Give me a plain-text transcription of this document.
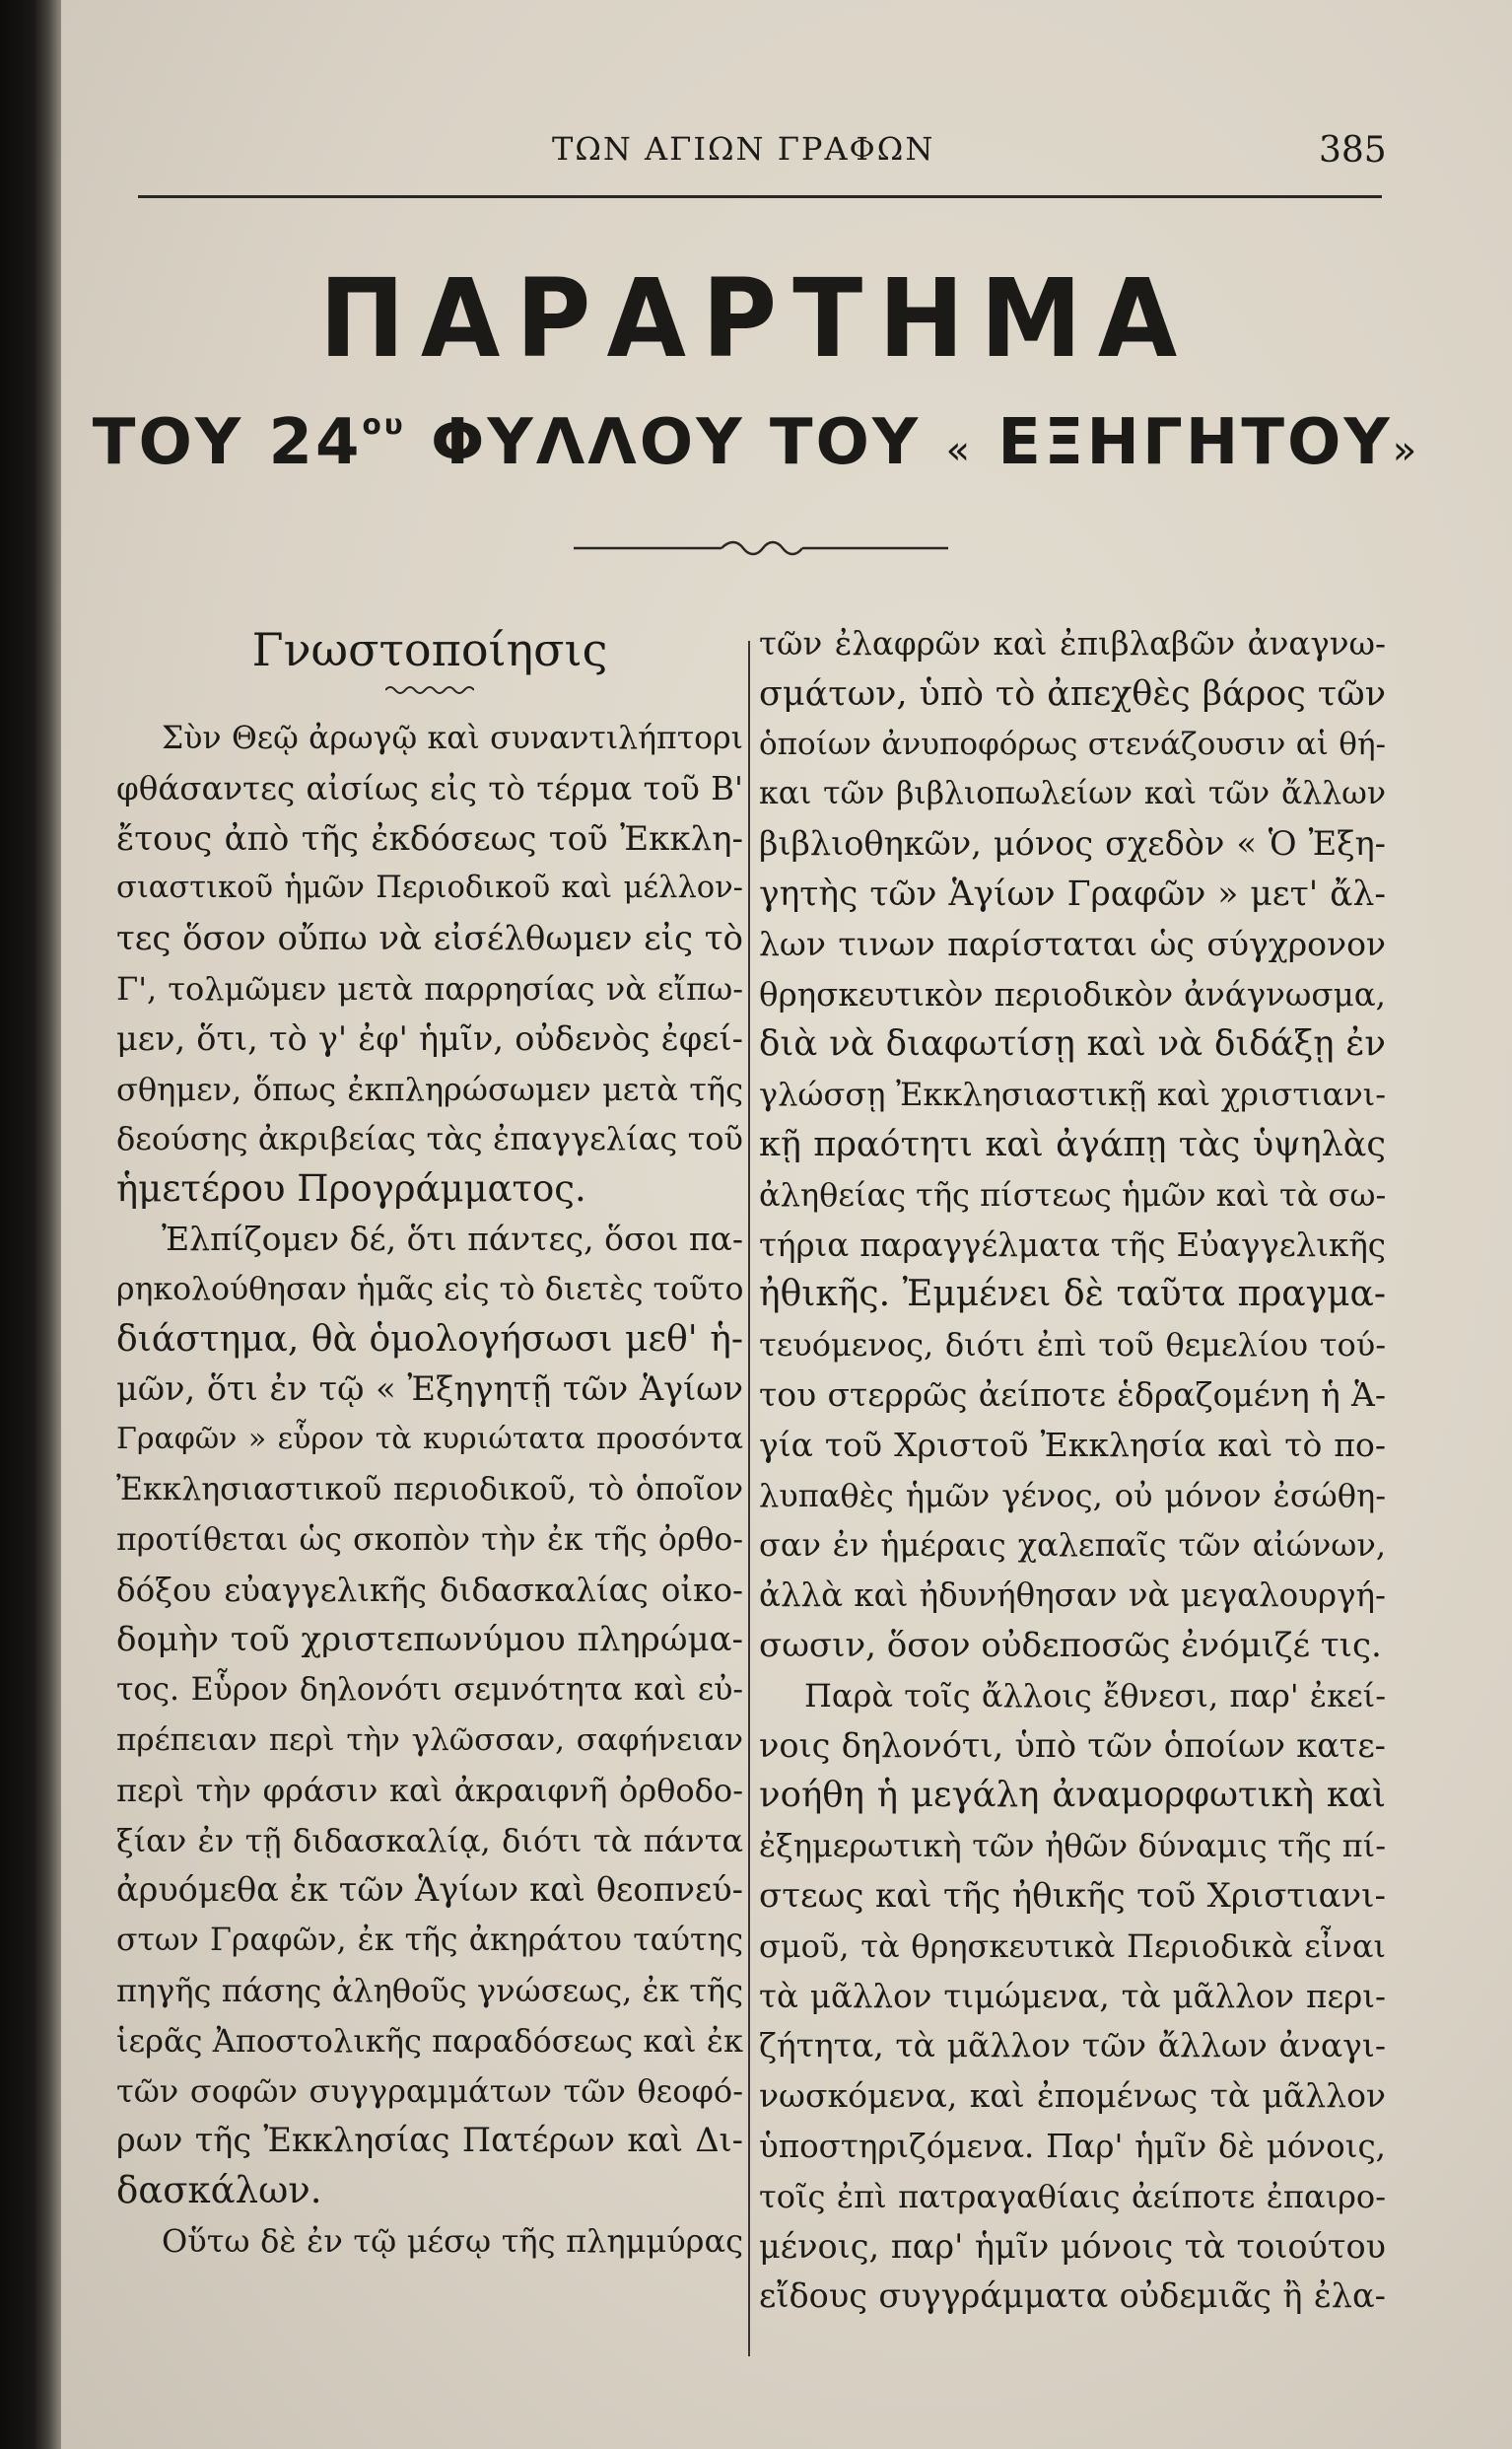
ΤΩΝ ΑΓΙΩΝ ΓΡΑΦΩΝ	385
ΠΑΡΑΡΤΗΜΑ
ΤΟΥ $24^{o\upsilon}$ ΦΥΛΛΟΥ ΤΟΥ « ΕΞΗΓΗΤΟΥ»
Γνωστοποίησις
Σὺν Θεῷ ἀρωγῷ καὶ συναντιλήπτορι
φθάσαντες αἰσίως εἰς τὸ τέρμα τοῦ Β'
ἔτους ἀπὸ τῆς ἐκδόσεως τοῦ Ἐκκλη-
σιαστικοῦ ἡμῶν Περιοδικοῦ καὶ μέλλον-
τες ὅσον οὔπω νὰ εἰσέλθωμεν εἰς τὸ
Γ', τολμῶμεν μετὰ παρρησίας νὰ εἴπω-
μεν, ὅτι, τὸ γ' ἐφ' ἡμῖν, οὐδενὸς ἐφεί-
σθημεν, ὅπως ἐκπληρώσωμεν μετὰ τῆς
δεούσης ἀκριβείας τὰς ἐπαγγελίας τοῦ
ἡμετέρου Προγράμματος.
Ἐλπίζομεν δέ, ὅτι πάντες, ὅσοι πα-
ρηκολούθησαν ἡμᾶς εἰς τὸ διετὲς τοῦτο
διάστημα, θὰ ὁμολογήσωσι μεθ' ἡ-
μῶν, ὅτι ἐν τῷ « Ἐξηγητῇ τῶν Ἁγίων
Γραφῶν » εὗρον τὰ κυριώτατα προσόντα
Ἐκκλησιαστικοῦ περιοδικοῦ, τὸ ὁποῖον
προτίθεται ὡς σκοπὸν τὴν ἐκ τῆς ὀρθο-
δόξου εὐαγγελικῆς διδασκαλίας οἰκο-
δομὴν τοῦ χριστεπωνύμου πληρώμα-
τος. Εὗρον δηλονότι σεμνότητα καὶ εὐ-
πρέπειαν περὶ τὴν γλῶσσαν, σαφήνειαν
περὶ τὴν φράσιν καὶ ἀκραιφνῆ ὀρθοδο-
ξίαν ἐν τῇ διδασκαλίᾳ, διότι τὰ πάντα
ἀρυόμεθα ἐκ τῶν Ἁγίων καὶ θεοπνεύ-
στων Γραφῶν, ἐκ τῆς ἀκηράτου ταύτης
πηγῆς πάσης ἀληθοῦς γνώσεως, ἐκ τῆς
ἱερᾶς Ἀποστολικῆς παραδόσεως καὶ ἐκ
τῶν σοφῶν συγγραμμάτων τῶν θεοφό-
ρων τῆς Ἐκκλησίας Πατέρων καὶ Δι-
δασκάλων.
Οὕτω δὲ ἐν τῷ μέσῳ τῆς πλημμύρας
τῶν ἐλαφρῶν καὶ ἐπιβλαβῶν ἀναγνω-
σμάτων, ὑπὸ τὸ ἀπεχθὲς βάρος τῶν
ὁποίων ἀνυποφόρως στενάζουσιν αἱ θή-
και τῶν βιβλιοπωλείων καὶ τῶν ἄλλων
βιβλιοθηκῶν, μόνος σχεδὸν « Ὁ Ἐξη-
γητὴς τῶν Ἁγίων Γραφῶν » μετ' ἄλ-
λων τινων παρίσταται ὡς σύγχρονον
θρησκευτικὸν περιοδικὸν ἀνάγνωσμα,
διὰ νὰ διαφωτίσῃ καὶ νὰ διδάξῃ ἐν
γλώσσῃ Ἐκκλησιαστικῇ καὶ χριστιανι-
κῇ πραότητι καὶ ἀγάπῃ τὰς ὑψηλὰς
ἀληθείας τῆς πίστεως ἡμῶν καὶ τὰ σω-
τήρια παραγγέλματα τῆς Εὐαγγελικῆς
ἠθικῆς. Ἐμμένει δὲ ταῦτα πραγμα-
τευόμενος, διότι ἐπὶ τοῦ θεμελίου τού-
του στερρῶς ἀείποτε ἑδραζομένη ἡ Ἁ-
γία τοῦ Χριστοῦ Ἐκκλησία καὶ τὸ πο-
λυπαθὲς ἡμῶν γένος, οὐ μόνον ἐσώθη-
σαν ἐν ἡμέραις χαλεπαῖς τῶν αἰώνων,
ἀλλὰ καὶ ἠδυνήθησαν νὰ μεγαλουργή-
σωσιν, ὅσον οὐδεποσῶς ἐνόμιζέ τις.
Παρὰ τοῖς ἄλλοις ἔθνεσι, παρ' ἐκεί-
νοις δηλονότι, ὑπὸ τῶν ὁποίων κατε-
νοήθη ἡ μεγάλη ἀναμορφωτικὴ καὶ
ἐξημερωτικὴ τῶν ἠθῶν δύναμις τῆς πί-
στεως καὶ τῆς ἠθικῆς τοῦ Χριστιανι-
σμοῦ, τὰ θρησκευτικὰ Περιοδικὰ εἶναι
τὰ μᾶλλον τιμώμενα, τὰ μᾶλλον περι-
ζήτητα, τὰ μᾶλλον τῶν ἄλλων ἀναγι-
νωσκόμενα, καὶ ἐπομένως τὰ μᾶλλον
ὑποστηριζόμενα. Παρ' ἡμῖν δὲ μόνοις,
τοῖς ἐπὶ πατραγαθίαις ἀείποτε ἐπαιρο-
μένοις, παρ' ἡμῖν μόνοις τὰ τοιούτου
εἴδους συγγράμματα οὐδεμιᾶς ἢ ἐλα-
